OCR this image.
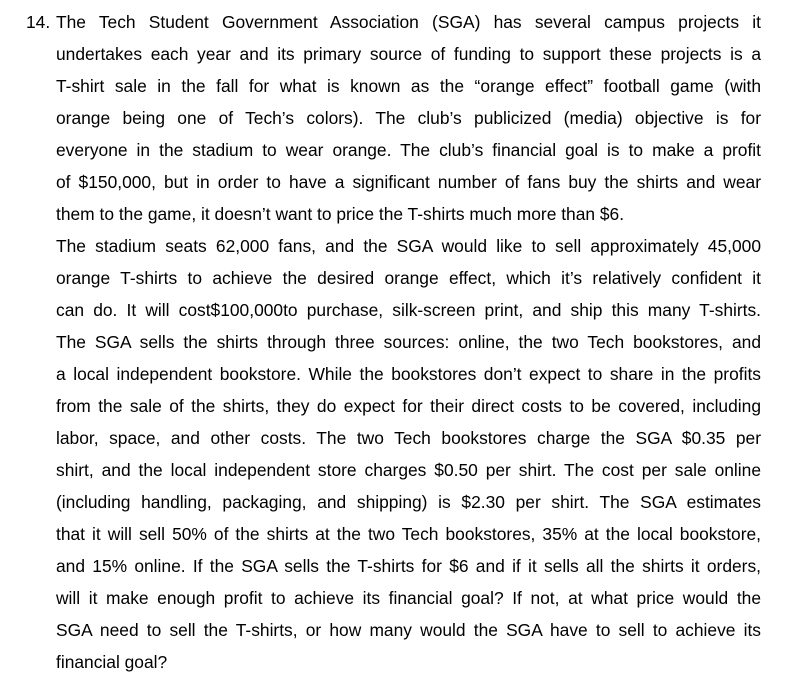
14. The Tech Student Government Association (SGA) has several campus projects it
undertakes each year and its primary source of funding to support these projects is a
T-shirt sale in the fall for what is known as the “orange effect” football game (with
orange being one of Tech’s colors). The club’s publicized (media) objective is for
everyone in the stadium to wear orange. The club’s financial goal is to make a profit
of $150,000, but in order to have a significant number of fans buy the shirts and wear
them to the game, it doesn’t want to price the T-shirts much more than $6.
The stadium seats 62,000 fans, and the SGA would like to sell approximately 45,000
orange T-shirts to achieve the desired orange effect, which it’s relatively confident it
can do. It will cost$100,000to purchase, silk-screen print, and ship this many T-shirts.
The SGA sells the shirts through three sources: online, the two Tech bookstores, and
a local independent bookstore. While the bookstores don’t expect to share in the profits
from the sale of the shirts, they do expect for their direct costs to be covered, including
labor, space, and other costs. The two Tech bookstores charge the SGA $0.35 per
shirt, and the local independent store charges $0.50 per shirt. The cost per sale online
(including handling, packaging, and shipping) is $2.30 per shirt. The SGA estimates
that it will sell 50% of the shirts at the two Tech bookstores, 35% at the local bookstore,
and 15% online. If the SGA sells the T-shirts for $6 and if it sells all the shirts it orders,
will it make enough profit to achieve its financial goal? If not, at what price would the
SGA need to sell the T-shirts, or how many would the SGA have to sell to achieve its
financial goal?
